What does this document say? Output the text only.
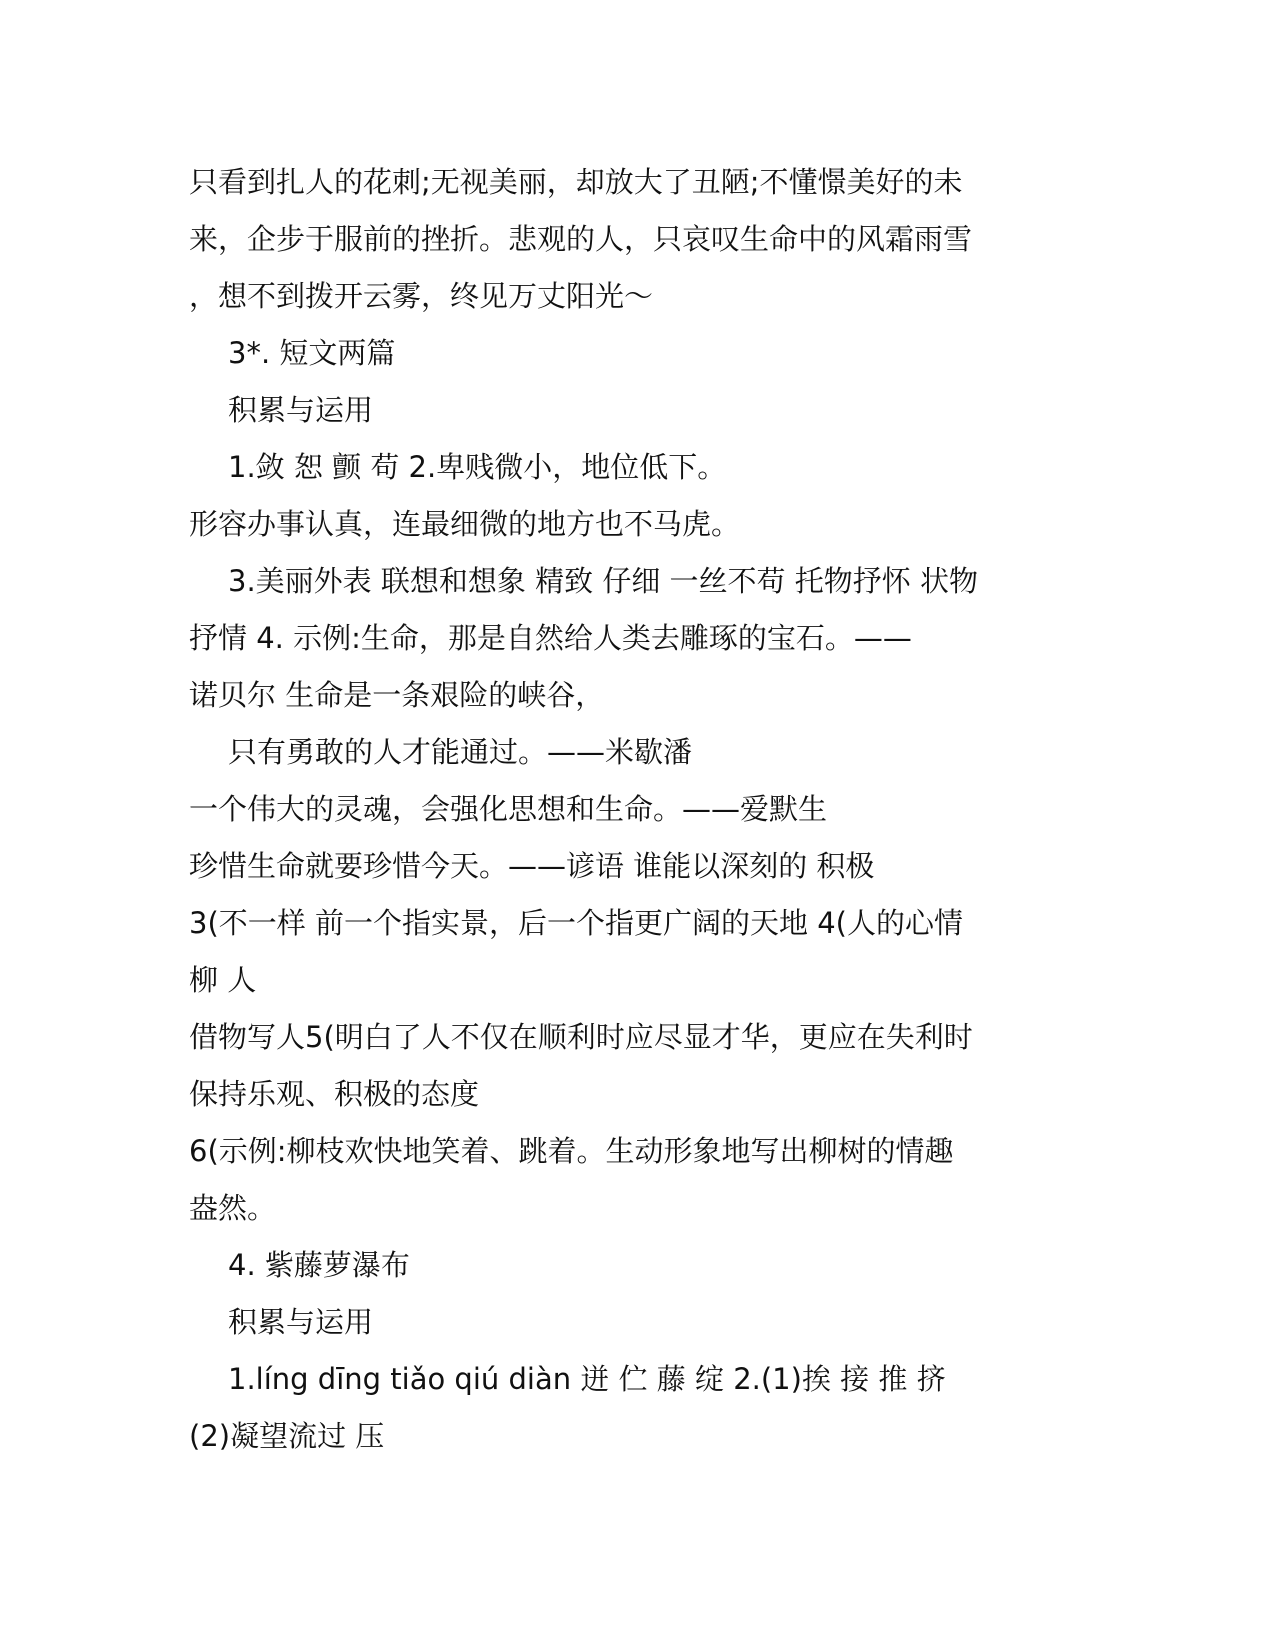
只看到扎人的花刺;无视美丽，却放大了丑陋;不懂憬美好的未
来，企步于服前的挫折。悲观的人，只哀叹生命中的风霜雨雪
，想不到拨开云雾，终见万丈阳光～
3*. 短文两篇
积累与运用
1.敛 恕 颤 苟 2.卑贱微小，地位低下。
形容办事认真，连最细微的地方也不马虎。
3.美丽外表 联想和想象 精致 仔细 一丝不苟 托物抒怀 状物
抒情 4. 示例:生命，那是自然给人类去雕琢的宝石。——
诺贝尔 生命是一条艰险的峡谷，
只有勇敢的人才能通过。——米歇潘
一个伟大的灵魂，会强化思想和生命。——爱默生
珍惜生命就要珍惜今天。——谚语 谁能以深刻的 积极
3(不一样 前一个指实景，后一个指更广阔的天地 4(人的心情
柳 人
借物写人5(明白了人不仅在顺利时应尽显才华，更应在失利时
保持乐观、积极的态度
6(示例:柳枝欢快地笑着、跳着。生动形象地写出柳树的情趣
盎然。
4. 紫藤萝瀑布
积累与运用
1.líng dīng tiǎo qiú diàn 迸 伫 藤 绽 2.(1)挨 接 推 挤
(2)凝望流过 压
